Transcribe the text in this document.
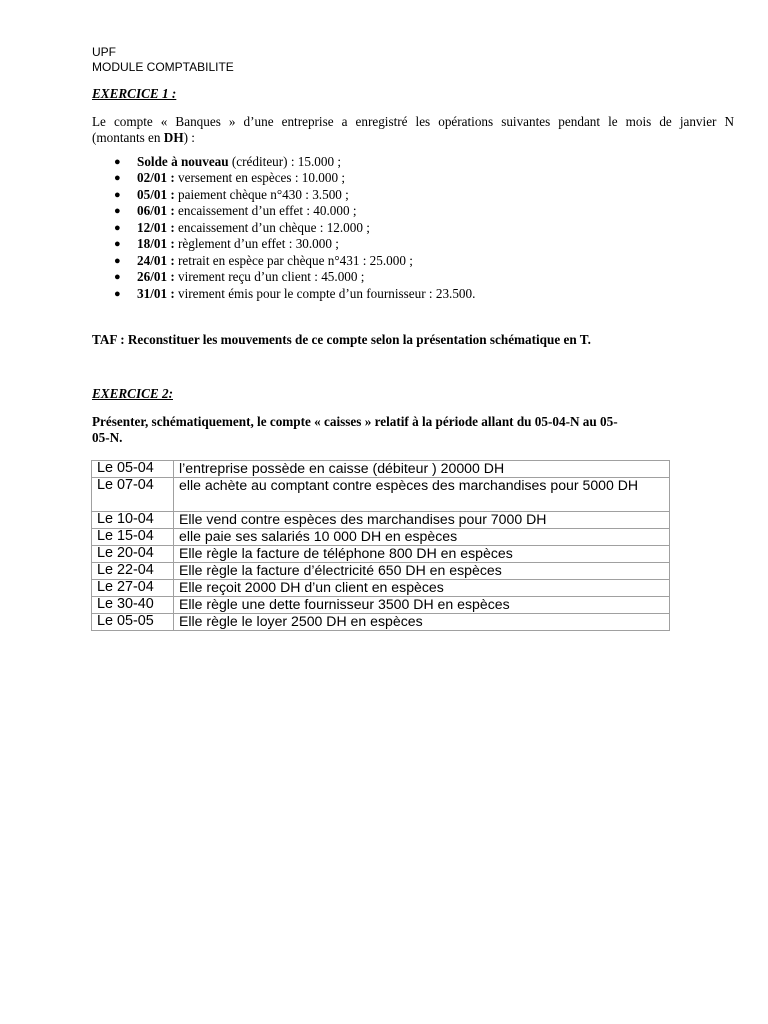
UPF

MODULE COMPTABILITE

EXERCICE 1 :

Le compte « Banques » d’une entreprise a enregistré les opérations suivantes pendant le mois de janvier N

(montants en DH) :

● Solde à nouveau (créditeur) : 15.000 ;
● 02/01 : versement en espèces : 10.000 ;
● 05/01 : paiement chèque n°430 : 3.500 ;
● 06/01 : encaissement d’un effet : 40.000 ;
● 12/01 : encaissement d’un chèque : 12.000 ;
● 18/01 : règlement d’un effet : 30.000 ;
● 24/01 : retrait en espèce par chèque n°431 : 25.000 ;
● 26/01 : virement reçu d’un client : 45.000 ;
● 31/01 : virement émis pour le compte d’un fournisseur : 23.500.

TAF : Reconstituer les mouvements de ce compte selon la présentation schématique en T.

EXERCICE 2:

Présenter, schématiquement, le compte « caisses » relatif à la période allant du 05-04-N au 05-

05-N.

Le 05-04	l’entreprise possède en caisse (débiteur ) 20000 DH
Le 07-04	elle achète au comptant contre espèces des marchandises pour 5000 DH
Le 10-04	Elle vend contre espèces des marchandises pour 7000 DH
Le 15-04	elle paie ses salariés 10 000 DH en espèces
Le 20-04	Elle règle la facture de téléphone 800 DH en espèces
Le 22-04	Elle règle la facture d’électricité 650 DH en espèces
Le 27-04	Elle reçoit 2000 DH d’un client en espèces
Le 30-40	Elle règle une dette fournisseur 3500 DH en espèces
Le 05-05	Elle règle le loyer 2500 DH en espèces
